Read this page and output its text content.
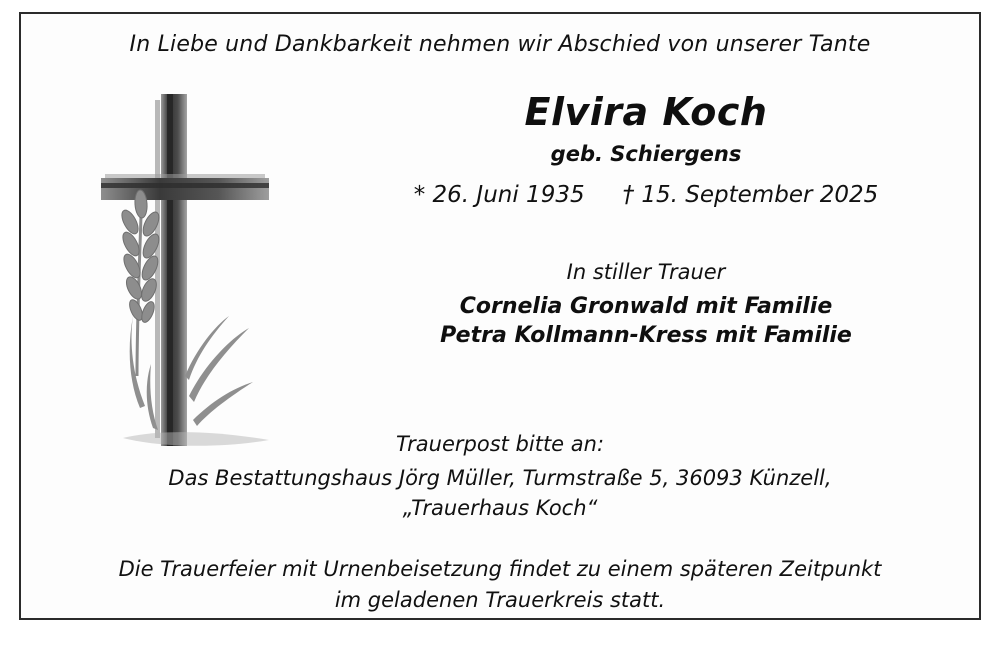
In Liebe und Dankbarkeit nehmen wir Abschied von unserer Tante
Elvira Koch
geb. Schiergens
* 26. Juni 1935 † 15. September 2025
In stiller Trauer
Cornelia Gronwald mit Familie
Petra Kollmann-Kress mit Familie
Trauerpost bitte an:
Das Bestattungshaus Jörg Müller, Turmstraße 5, 36093 Künzell,
„Trauerhaus Koch“
Die Trauerfeier mit Urnenbeisetzung findet zu einem späteren Zeitpunkt
im geladenen Trauerkreis statt.
